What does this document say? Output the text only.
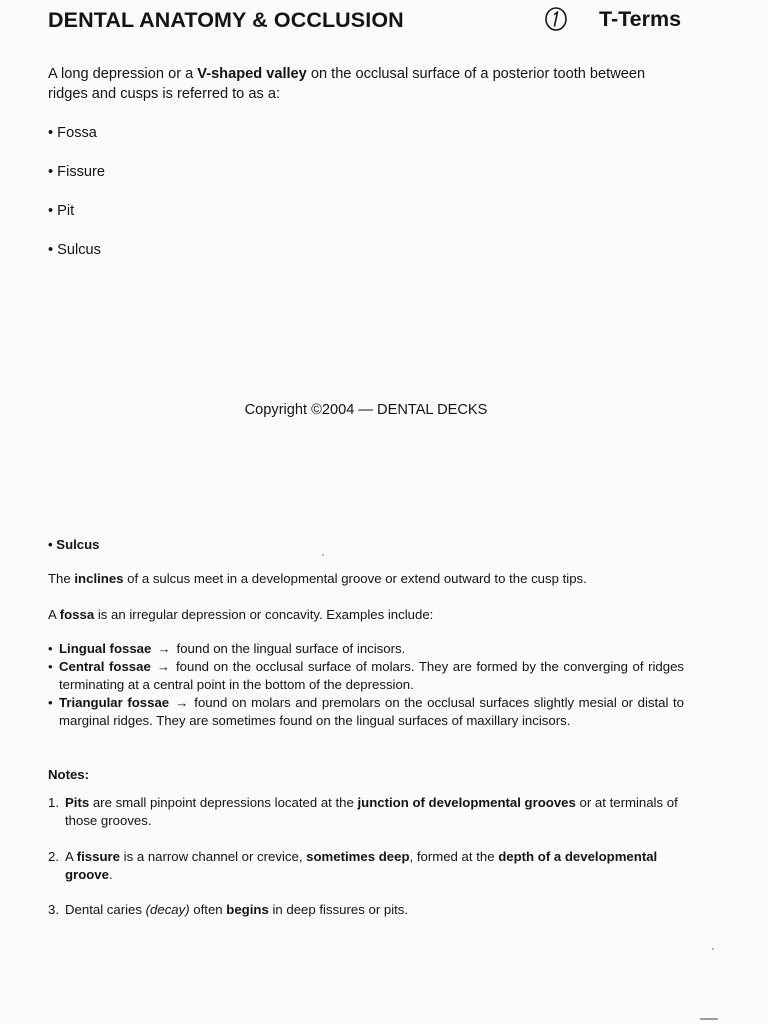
DENTAL ANATOMY & OCCLUSION	T-Terms
A long depression or a V-shaped valley on the occlusal surface of a posterior tooth between ridges and cusps is referred to as a:
• Fossa
• Fissure
• Pit
• Sulcus
Copyright ©2004 — DENTAL DECKS
• Sulcus
The inclines of a sulcus meet in a developmental groove or extend outward to the cusp tips.
A fossa is an irregular depression or concavity. Examples include:
• Lingual fossae → found on the lingual surface of incisors.
• Central fossae → found on the occlusal surface of molars. They are formed by the converging of ridges terminating at a central point in the bottom of the depression.
• Triangular fossae → found on molars and premolars on the occlusal surfaces slightly mesial or distal to marginal ridges. They are sometimes found on the lingual surfaces of maxillary incisors.
Notes:
1. Pits are small pinpoint depressions located at the junction of developmental grooves or at terminals of those grooves.
2. A fissure is a narrow channel or crevice, sometimes deep, formed at the depth of a developmental groove.
3. Dental caries (decay) often begins in deep fissures or pits.
